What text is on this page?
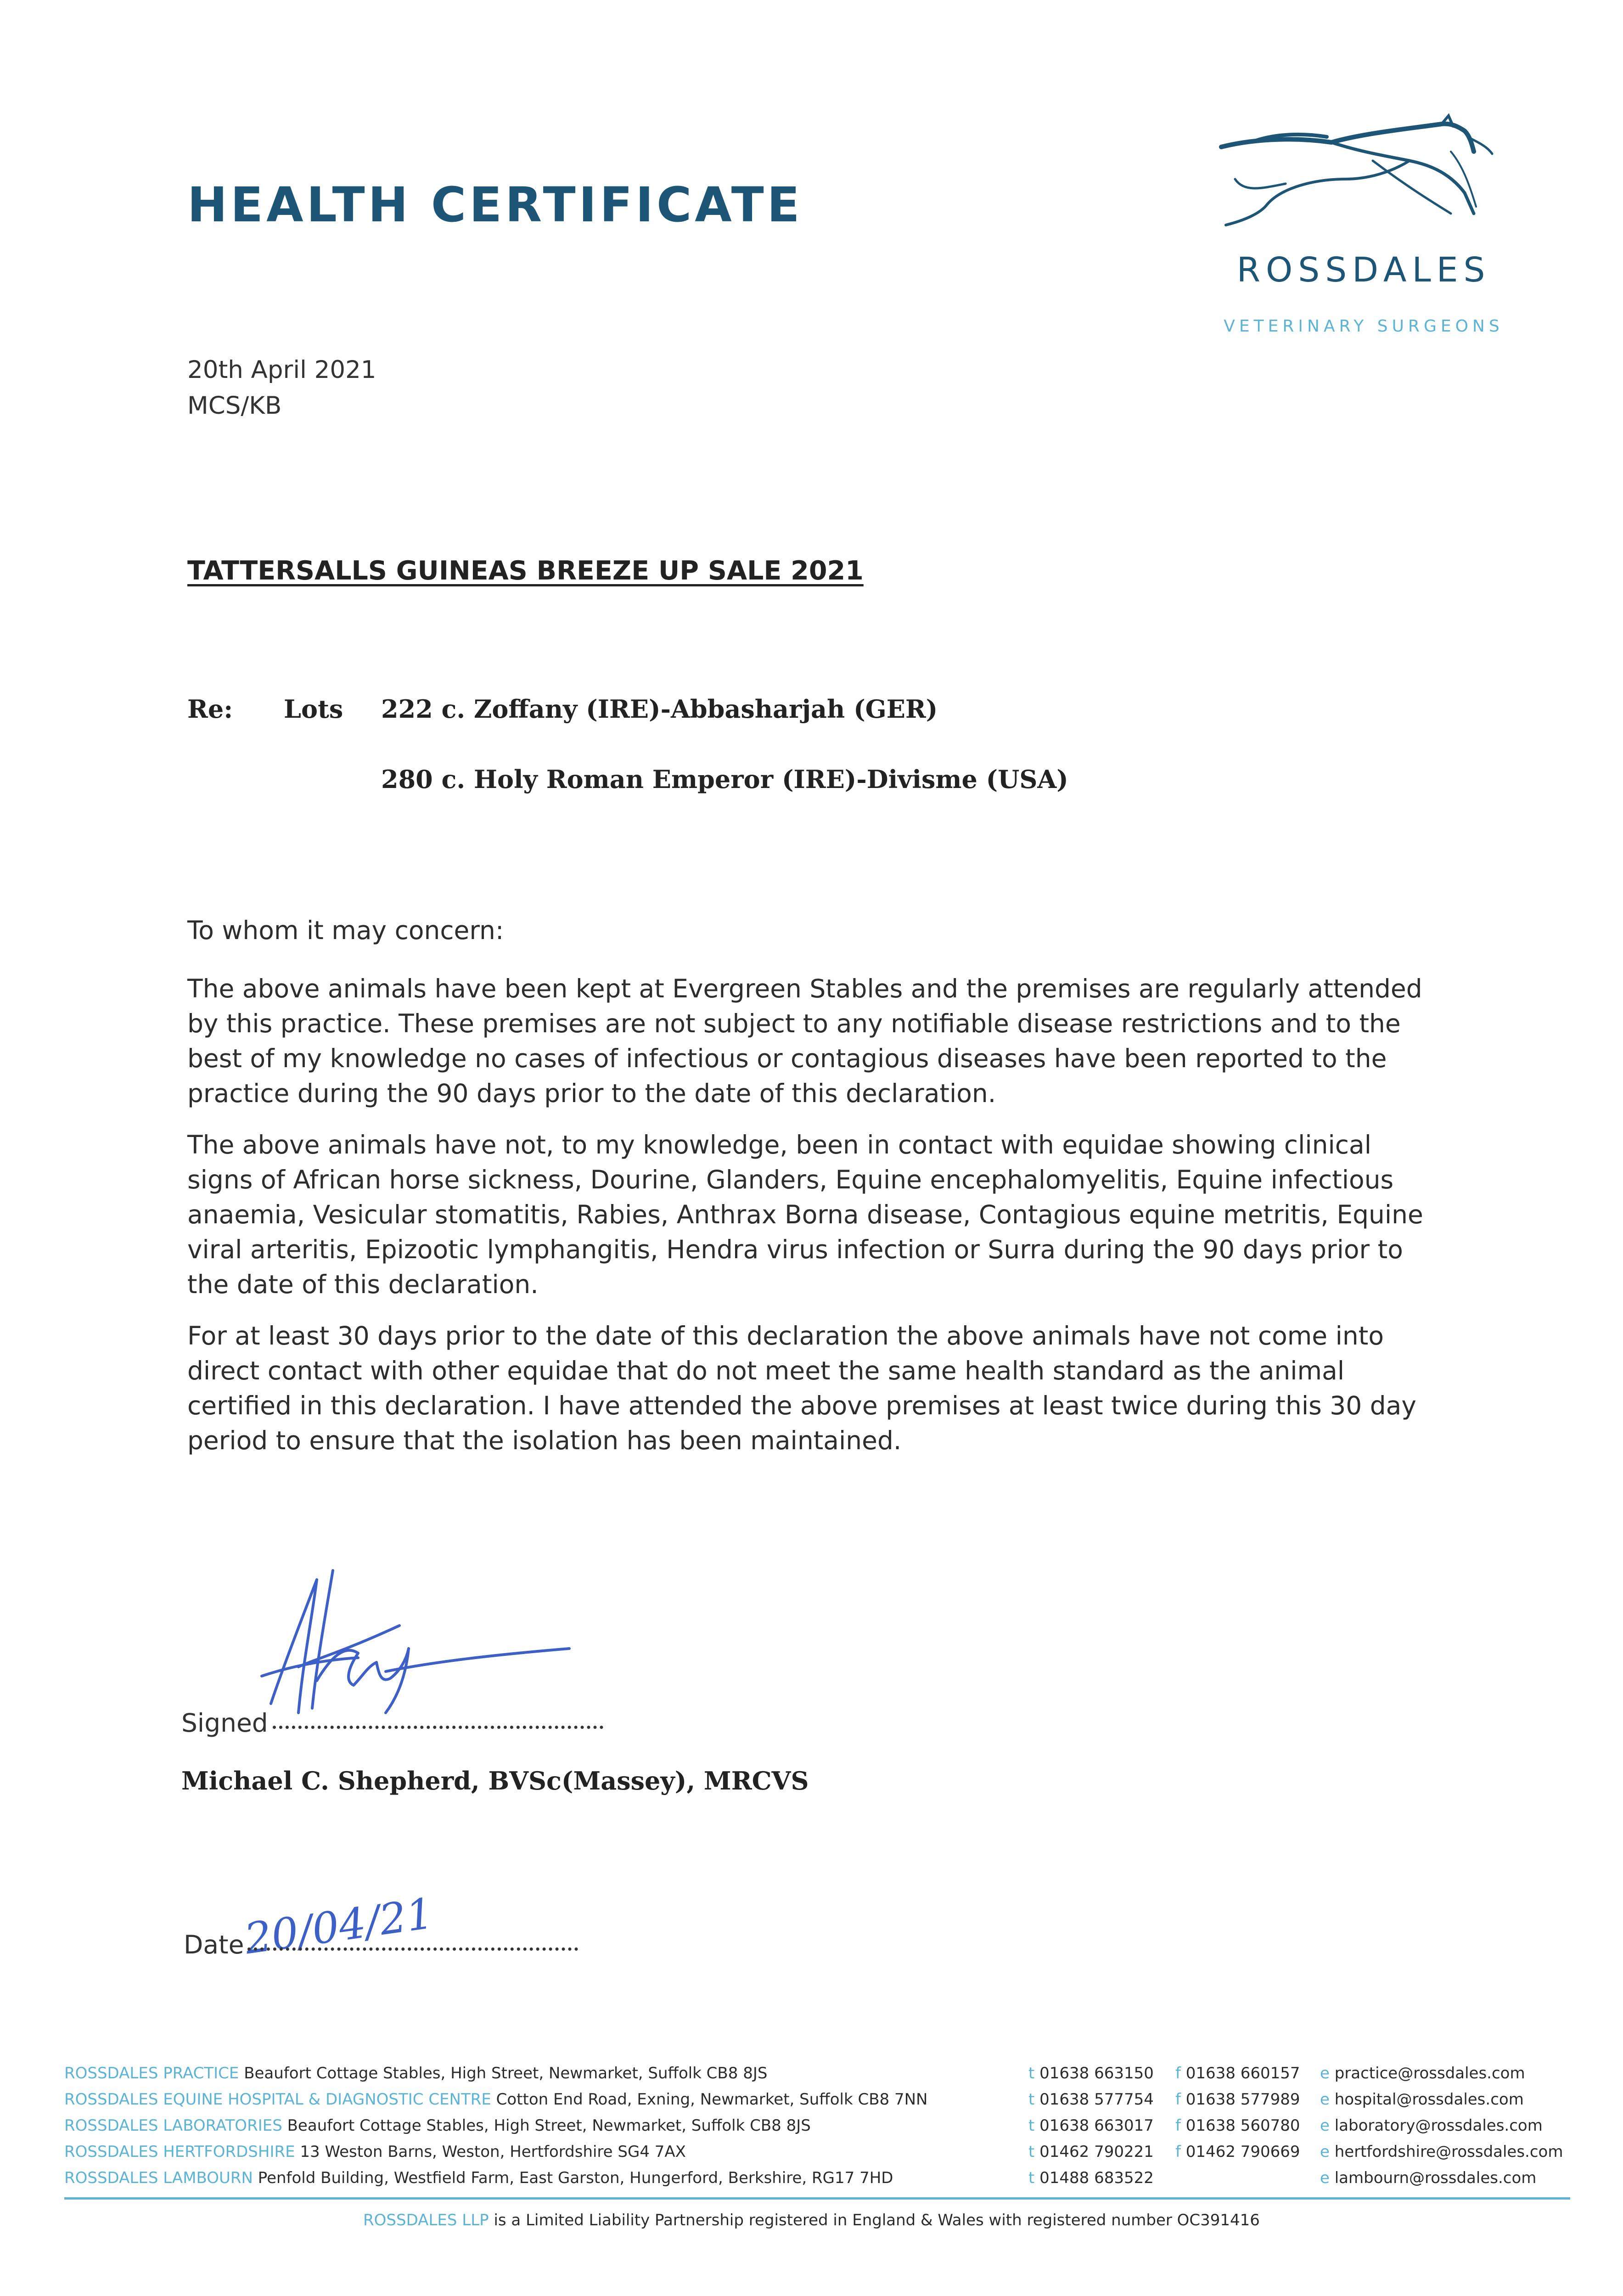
HEALTH CERTIFICATE
ROSSDALES
VETERINARY SURGEONS
20th April 2021
MCS/KB
TATTERSALLS GUINEAS BREEZE UP SALE 2021
Re: Lots 222 c. Zoffany (IRE)-Abbasharjah (GER)
280 c. Holy Roman Emperor (IRE)-Divisme (USA)
To whom it may concern:

The above animals have been kept at Evergreen Stables and the premises are regularly attended by this practice. These premises are not subject to any notifiable disease restrictions and to the best of my knowledge no cases of infectious or contagious diseases have been reported to the practice during the 90 days prior to the date of this declaration.

The above animals have not, to my knowledge, been in contact with equidae showing clinical signs of African horse sickness, Dourine, Glanders, Equine encephalomyelitis, Equine infectious anaemia, Vesicular stomatitis, Rabies, Anthrax Borna disease, Contagious equine metritis, Equine viral arteritis, Epizootic lymphangitis, Hendra virus infection or Surra during the 90 days prior to the date of this declaration.

For at least 30 days prior to the date of this declaration the above animals have not come into direct contact with other equidae that do not meet the same health standard as the animal certified in this declaration. I have attended the above premises at least twice during this 30 day period to ensure that the isolation has been maintained.

Signed
Michael C. Shepherd, BVSc(Massey), MRCVS
20/04/21
Date
ROSSDALES PRACTICE Beaufort Cottage Stables, High Street, Newmarket, Suffolk CB8 8JS
ROSSDALES EQUINE HOSPITAL & DIAGNOSTIC CENTRE Cotton End Road, Exning, Newmarket, Suffolk CB8 7NN
ROSSDALES LABORATORIES Beaufort Cottage Stables, High Street, Newmarket, Suffolk CB8 8JS
ROSSDALES HERTFORDSHIRE 13 Weston Barns, Weston, Hertfordshire SG4 7AX
ROSSDALES LAMBOURN Penfold Building, Westfield Farm, East Garston, Hungerford, Berkshire, RG17 7HD
t 01638 663150
t 01638 577754
t 01638 663017
t 01462 790221
t 01488 683522
f 01638 660157
f 01638 577989
f 01638 560780
f 01462 790669
e practice@rossdales.com
e hospital@rossdales.com
e laboratory@rossdales.com
e hertfordshire@rossdales.com
e lambourn@rossdales.com
ROSSDALES LLP is a Limited Liability Partnership registered in England & Wales with registered number OC391416
